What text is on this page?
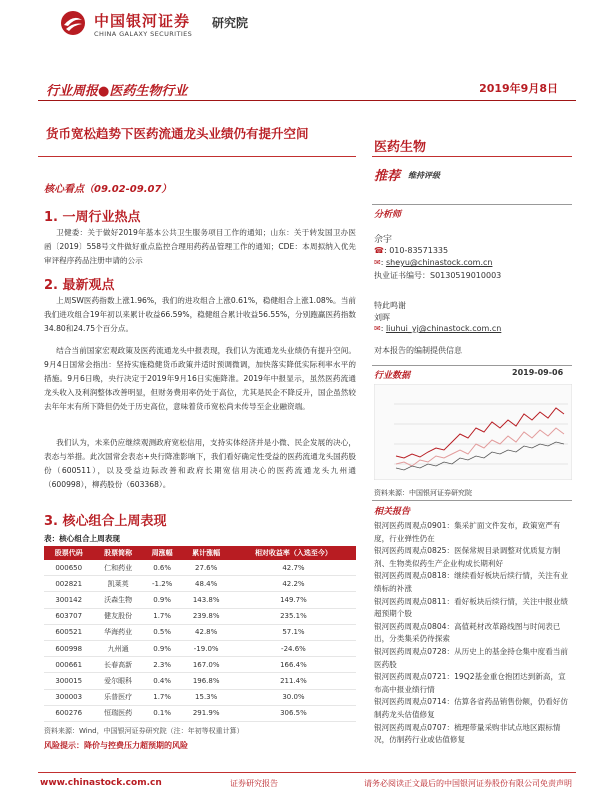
中国银河证券
CHINA GALAXY SECURITIES
研究院
行业周报●医药生物行业	2019年9月8日
货币宽松趋势下医药流通龙头业绩仍有提升空间
核心看点（09.02-09.07）
1. 一周行业热点
卫健委：关于做好2019年基本公共卫生服务项目工作的通知；山东：关于转发国卫办医函〔2019〕558号文件做好重点监控合理用药药品管理工作的通知；CDE：本周拟纳入优先审评程序药品注册申请的公示
2. 最新观点
上周SW医药指数上涨1.96%，我们的进攻组合上涨0.61%，稳健组合上涨1.08%。当前我们进攻组合19年初以来累计收益66.59%，稳健组合累计收益56.55%，分别跑赢医药指数34.80和24.75个百分点。
结合当前国家宏观政策及医药流通龙头中报表现，我们认为流通龙头业绩仍有提升空间。9月4日国常会指出：坚持实施稳健货币政策并适时预调微调，加快落实降低实际利率水平的措施。9月6日晚，央行决定于2019年9月16日实施降准。2019年中报显示，虽然医药流通龙头收入及利润整体改善明显，但财务费用率仍处于高位，尤其是民企不降反升，国企虽然较去年年末有所下降但仍处于历史高位，意味着货币宽松尚未传导至企业融资端。
我们认为，未来仍应继续观测政府宽松信用，支持实体经济并是小微、民企发展的决心，表态与举措。此次国常会表态+央行降准影响下，我们看好确定性受益的医药流通龙头国药股份（600511），以及受益边际改善和政府长期宽信用决心的医药流通龙头九州通（600998），柳药股份（603368）。
3. 核心组合上周表现
表：核心组合上周表现
股票代码	股票简称	周涨幅	累计涨幅	相对收益率（入选至今）
000650	仁和药业	0.6%	27.6%	42.7%
002821	凯莱英	-1.2%	48.4%	42.2%
300142	沃森生物	0.9%	143.8%	149.7%
603707	健友股份	1.7%	239.8%	235.1%
600521	华海药业	0.5%	42.8%	57.1%
600998	九州通	0.9%	-19.0%	-24.6%
000661	长春高新	2.3%	167.0%	166.4%
300015	爱尔眼科	0.4%	196.8%	211.4%
300003	乐普医疗	1.7%	15.3%	30.0%
600276	恒瑞医药	0.1%	291.9%	306.5%
资料来源：Wind，中国银河证券研究院（注：年初等权重计算）
风险提示：降价与控费压力超预期的风险
医药生物
推荐 维持评级
分析师
佘宇
☎: 010-83571335
✉: sheyu@chinastock.com.cn
执业证书编号：S0130519010003
特此鸣谢
刘晖
✉: liuhui_yj@chinastock.com.cn
对本报告的编制提供信息
行业数据	2019-09-06
资料来源：中国银河证券研究院
相关报告
银河医药周观点0901：集采扩面文件发布，政策宽严有度，行业弹性仍在
银河医药周观点0825：医保常规目录调整对优质复方制剂、生物类似药生产企业构成长期利好
银河医药周观点0818：继续看好板块后续行情，关注有业绩标的补涨
银河医药周观点0811：看好板块后续行情，关注中报业绩超预期个股
银河医药周观点0804：高值耗材改革路线图与时间表已出，分类集采仍待探索
银河医药周观点0728：从历史上的基金持仓集中度看当前医药股
银河医药周观点0721：19Q2基金重仓抱团达到新高，宣布高中报业绩行情
银河医药周观点0714：估算各省药品销售份额，仍看好仿制药龙头估值修复
银河医药周观点0707：梳理带量采购非试点地区跟标情况，仿制药行业或估值修复
www.chinastock.com.cn	证券研究报告	请务必阅读正文最后的中国银河证券股份有限公司免责声明
